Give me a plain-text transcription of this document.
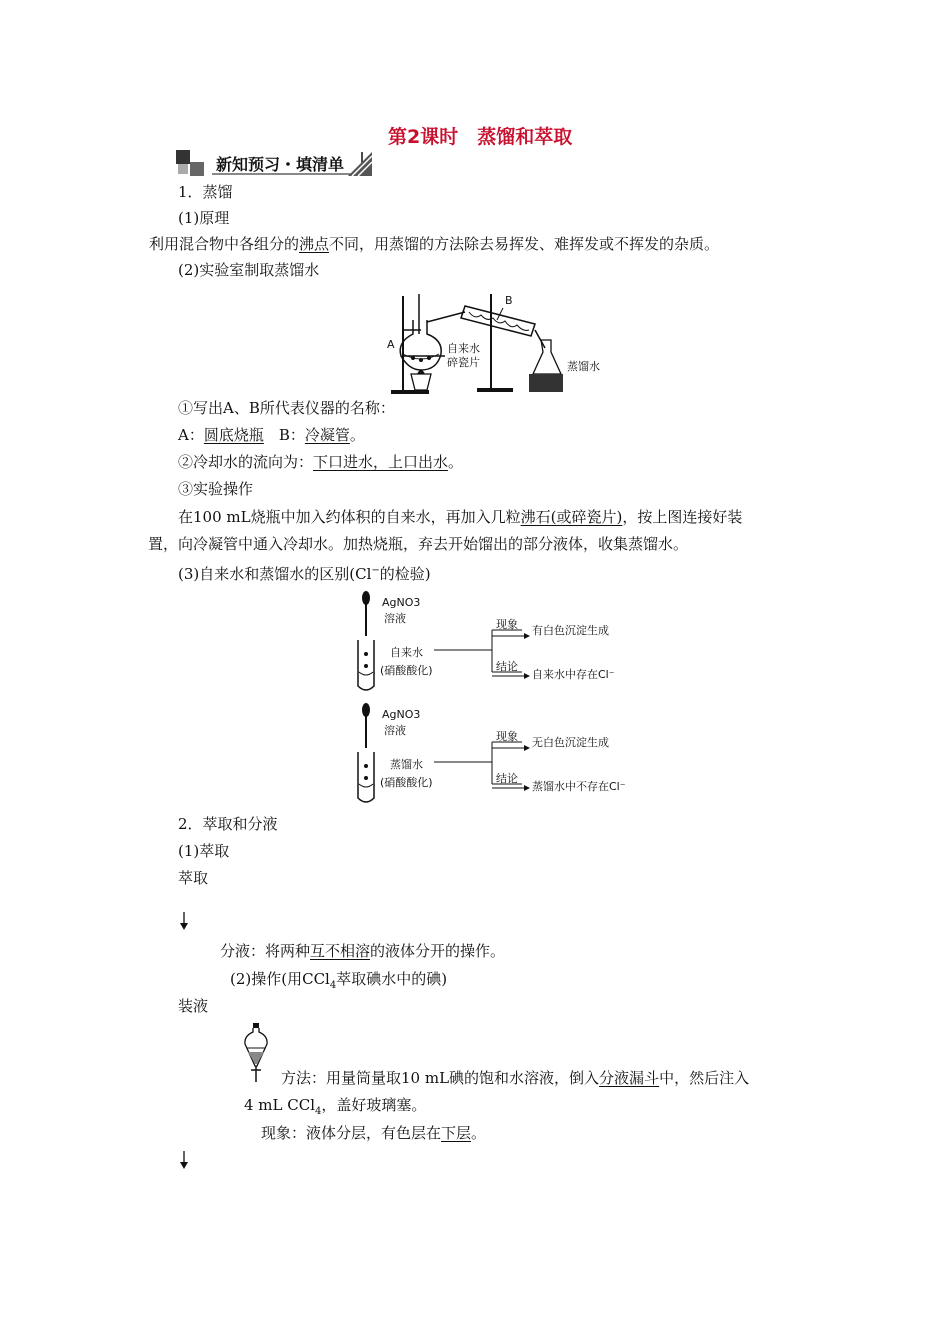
第2课时　蒸馏和萃取
新知预习・填清单
1．蒸馏
(1)原理
利用混合物中各组分的沸点不同，用蒸馏的方法除去易挥发、难挥发或不挥发的杂质。
(2)实验室制取蒸馏水
A
B
自来水
碎瓷片	蒸馏水
①写出A、B所代表仪器的名称：
A：圆底烧瓶　 B：冷凝管。
②冷却水的流向为：下口进水，上口出水。
③实验操作
在100 mL烧瓶中加入约体积的自来水，再加入几粒沸石(或碎瓷片)，按上图连接好装
置，向冷凝管中通入冷却水。加热烧瓶，弃去开始馏出的部分液体，收集蒸馏水。
(3)自来水和蒸馏水的区别(Cl−的检验)
AgNO3
溶液
自来水
(硝酸酸化)
现象 有白色沉淀生成
结论
自来水中存在Cl⁻
AgNO3
溶液
蒸馏水
(硝酸酸化)
现象 无白色沉淀生成
结论
蒸馏水中不存在Cl⁻
2．萃取和分液
(1)萃取
萃取
分液：将两种互不相溶的液体分开的操作。
(2)操作(用CCl$_4$萃取碘水中的碘)
装液
方法：用量筒量取10 mL碘的饱和水溶液，倒入分液漏斗中，然后注入
4 mL CCl$_4$，盖好玻璃塞。
现象：液体分层，有色层在下层。
